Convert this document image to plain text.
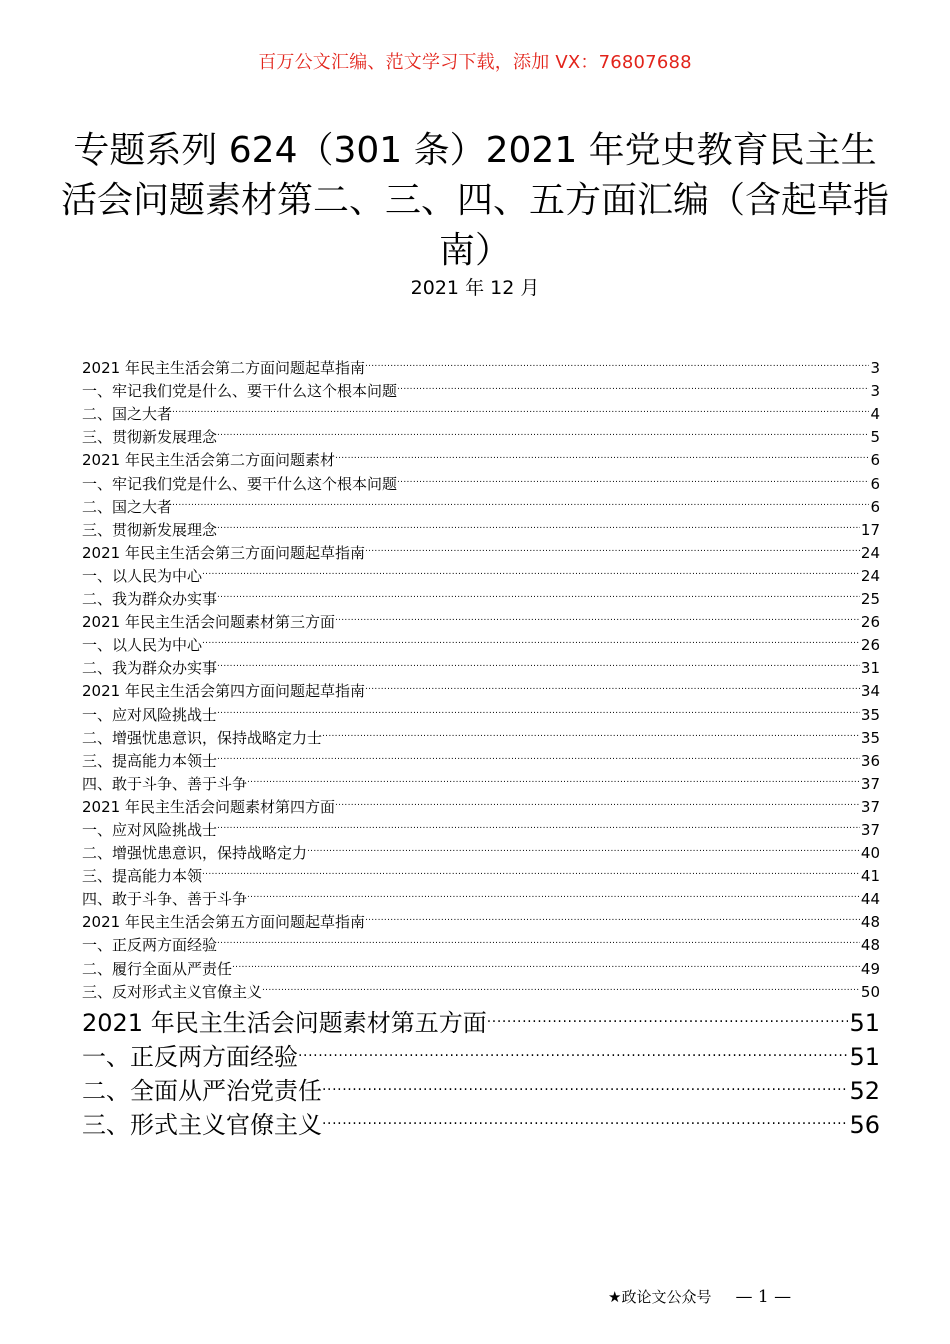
百万公文汇编、范文学习下载，添加 VX：76807688
专题系列 624（301 条）2021 年党史教育民主生活会问题素材第二、三、四、五方面汇编（含起草指南）
2021 年 12 月
2021 年民主生活会第二方面问题起草指南 .....	3
一、牢记我们党是什么、要干什么这个根本问题 .....	3
二、国之大者 .....	4
三、贯彻新发展理念 .....	5
2021 年民主生活会第二方面问题素材 .....	6
一、牢记我们党是什么、要干什么这个根本问题 .....	6
二、国之大者 .....	6
三、贯彻新发展理念 .....	17
2021 年民主生活会第三方面问题起草指南 .....	24
一、以人民为中心 .....	24
二、我为群众办实事 .....	25
2021 年民主生活会问题素材第三方面 .....	26
一、以人民为中心 .....	26
二、我为群众办实事 .....	31
2021 年民主生活会第四方面问题起草指南 .....	34
一、应对风险挑战士 .....	35
二、增强忧患意识，保持战略定力士 .....	35
三、提高能力本领士 .....	36
四、敢于斗争、善于斗争 .....	37
2021 年民主生活会问题素材第四方面 .....	37
一、应对风险挑战士 .....	37
二、增强忧患意识，保持战略定力 .....	40
三、提高能力本领 .....	41
四、敢于斗争、善于斗争 .....	44
2021 年民主生活会第五方面问题起草指南 .....	48
一、正反两方面经验 .....	48
二、履行全面从严责任 .....	49
三、反对形式主义官僚主义 .....	50
2021 年民主生活会问题素材第五方面 .....	51
一、正反两方面经验 .....	51
二、全面从严治党责任 .....	52
三、形式主义官僚主义 .....	56
★政论文公众号 — 1 —
